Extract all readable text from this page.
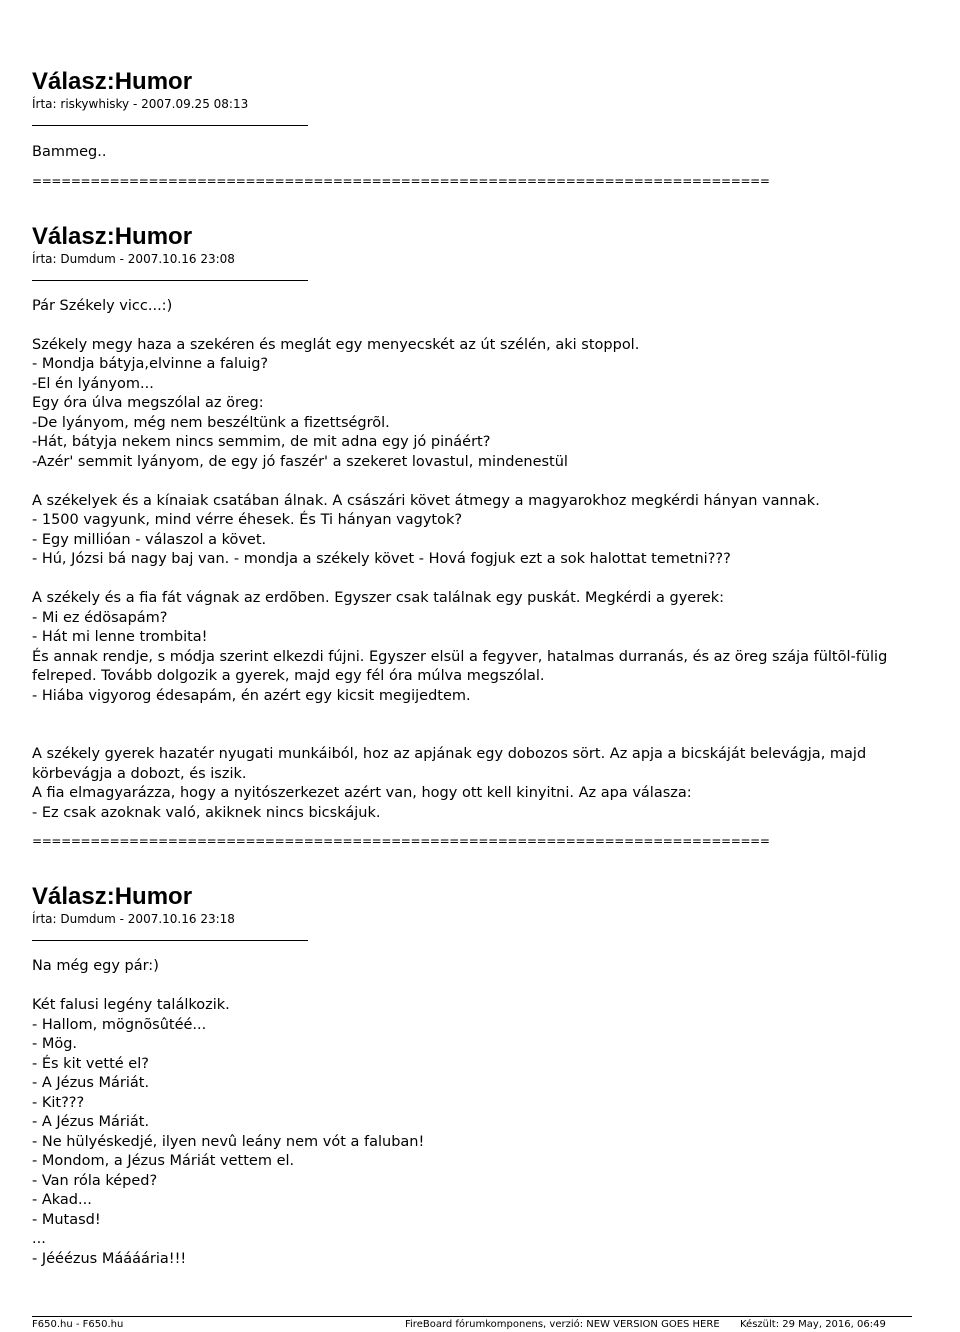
Válasz:Humor

Írta: riskywhisky - 2007.09.25 08:13

Bammeg..
============================================================================
Válasz:Humor

Írta: Dumdum - 2007.10.16 23:08

Pár Székely vicc...:)
Székely megy haza a szekéren és meglát egy menyecskét az út szélén, aki stoppol.
- Mondja bátyja,elvinne a faluig?
-El én lyányom...
Egy óra úlva megszólal az öreg:
-De lyányom, még nem beszéltünk a fizettségrõl.
-Hát, bátyja nekem nincs semmim, de mit adna egy jó pináért?
-Azér' semmit lyányom, de egy jó faszér' a szekeret lovastul, mindenestül
A székelyek és a kínaiak csatában álnak. A császári követ átmegy a magyarokhoz megkérdi hányan vannak.
- 1500 vagyunk, mind vérre éhesek. És Ti hányan vagytok?
- Egy millióan - válaszol a követ.
- Hú, Józsi bá nagy baj van. - mondja a székely követ - Hová fogjuk ezt a sok halottat temetni???
A székely és a fia fát vágnak az erdõben. Egyszer csak találnak egy puskát. Megkérdi a gyerek:
- Mi ez édösapám?
- Hát mi lenne trombita!
És annak rendje, s módja szerint elkezdi fújni. Egyszer elsül a fegyver, hatalmas durranás, és az öreg szája fültõl-fülig
felreped. Tovább dolgozik a gyerek, majd egy fél óra múlva megszólal.
- Hiába vigyorog édesapám, én azért egy kicsit megijedtem.
A székely gyerek hazatér nyugati munkáiból, hoz az apjának egy dobozos sört. Az apja a bicskáját belevágja, majd
körbevágja a dobozt, és iszik.
A fia elmagyarázza, hogy a nyitószerkezet azért van, hogy ott kell kinyitni. Az apa válasza:
- Ez csak azoknak való, akiknek nincs bicskájuk.
============================================================================
Válasz:Humor

Írta: Dumdum - 2007.10.16 23:18

Na még egy pár:)
Két falusi legény találkozik.
- Hallom, mögnõsûtéé...
- Mög.
- És kit vetté el?
- A Jézus Máriát.
- Kit???
- A Jézus Máriát.
- Ne hülyéskedjé, ilyen nevû leány nem vót a faluban!
- Mondom, a Jézus Máriát vettem el.
- Van róla képed?
- Akad...
- Mutasd!
...
- Jééézus Máááária!!!
F650.hu - F650.hu	FireBoard fórumkomponens, verzió: NEW VERSION GOES HERE Készült: 29 May, 2016, 06:49
